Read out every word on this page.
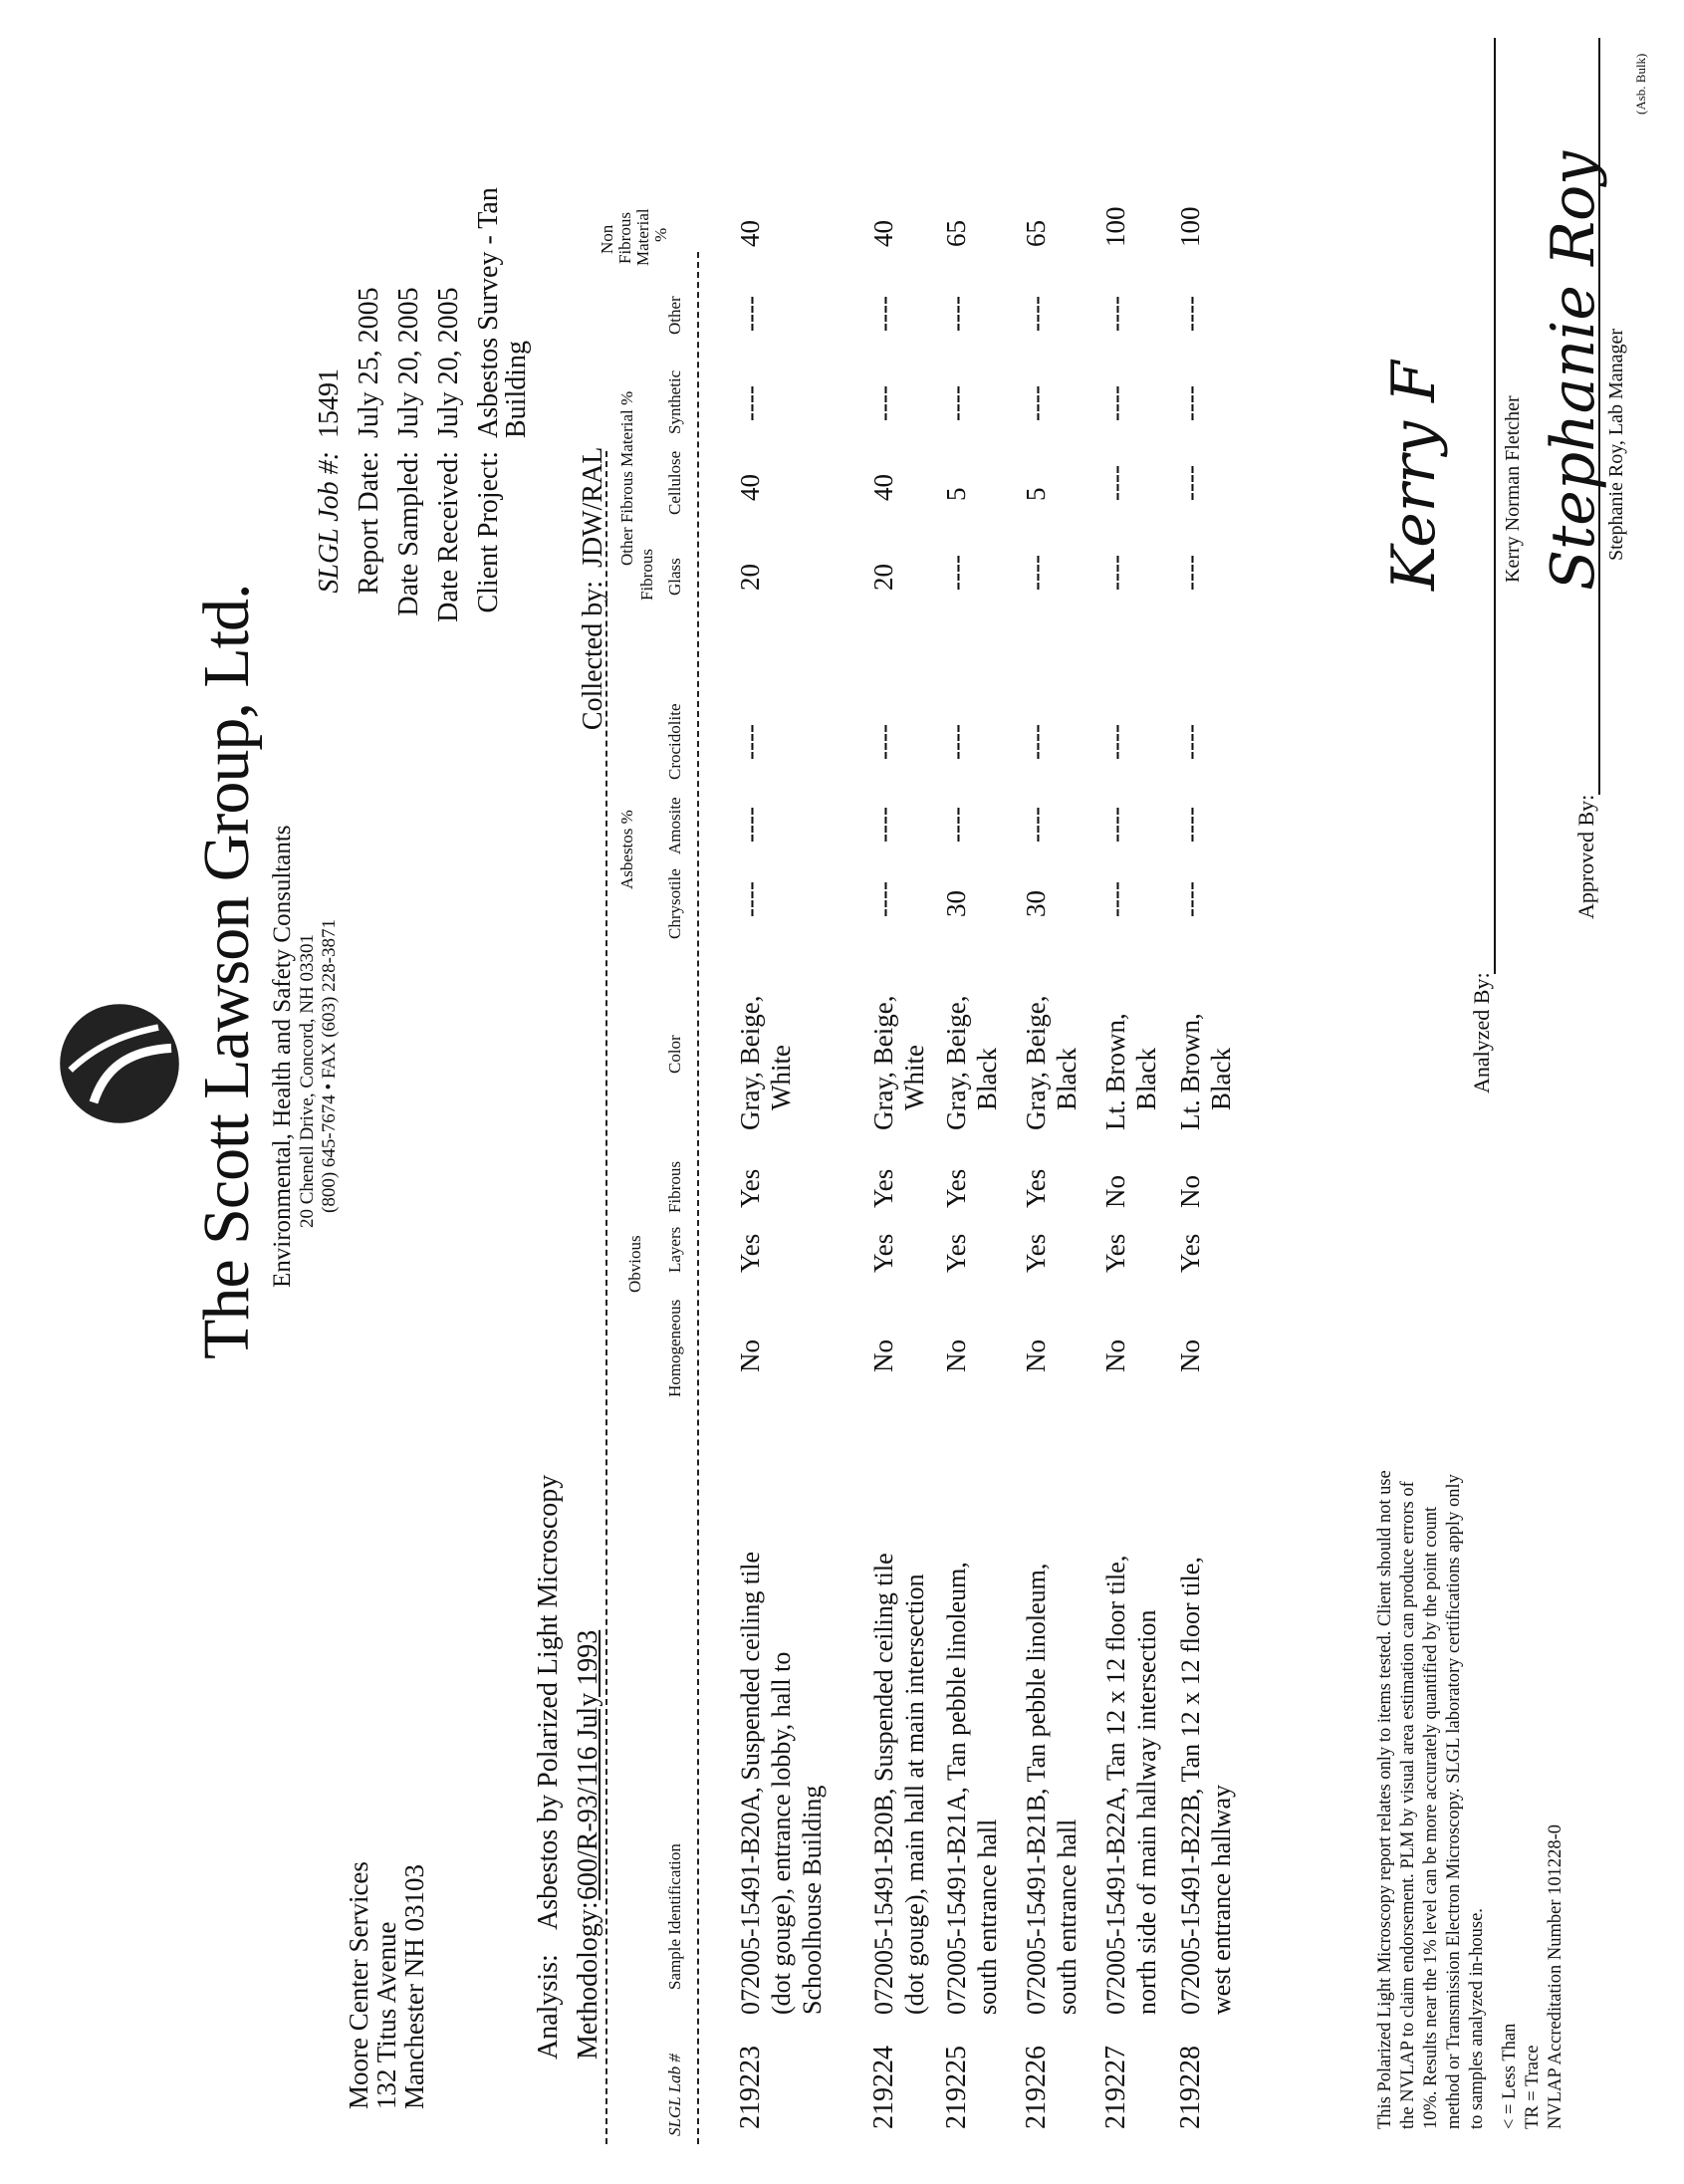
The Scott Lawson Group, Ltd. Environmental, Health and Safety Consultants 20 Chenell Drive, Concord, NH 03301 (800) 645-7674 • FAX (603) 228-3871
Moore Center Services
132 Titus Avenue
Manchester NH 03103
SLGL Job #:
15491
Report Date:
July 25, 2005
Date Sampled:
July 20, 2005
Date Received:
July 20, 2005
Client Project:
Asbestos Survey - Tan
Building
Collected by:
JDW/RAL
Analysis:
Asbestos by Polarized Light Microscopy
Methodology:
600/R-93/116 July 1993
Obvious
Asbestos %
Other Fibrous Material %
Fibrous
Non Fibrous Material %
SLGL Lab #
Sample Identification
Homogeneous
Layers
Fibrous
Color
Chrysotile
Amosite
Crocidolite
Glass
Cellulose
Synthetic
Other
219223
072005-15491-B20A, Suspended ceiling tile (dot gouge), entrance lobby, hall to Schoolhouse Building
No
Yes
Yes
----
----
----
20
40
----
----
40
Gray, Beige, White
219224
072005-15491-B20B, Suspended ceiling tile (dot gouge), main hall at main intersection
No
Yes
Yes
----
----
----
20
40
----
----
40
Gray, Beige, White
219225
072005-15491-B21A, Tan pebble linoleum, south entrance hall
No
Yes
Yes
30
----
----
----
5
----
----
65
Gray, Beige, Black
219226
072005-15491-B21B, Tan pebble linoleum, south entrance hall
No
Yes
Yes
30
----
----
----
5
----
----
65
Gray, Beige, Black
219227
072005-15491-B22A, Tan 12 x 12 floor tile, north side of main hallway intersection
No
Yes
No
----
----
----
----
----
----
----
100
Lt. Brown, Black
219228
072005-15491-B22B, Tan 12 x 12 floor tile, west entrance hallway
No
Yes
No
----
----
----
----
----
----
----
100
Lt. Brown, Black
This Polarized Light Microscopy report relates only to items tested. Client should not use the NVLAP to claim endorsement. PLM by visual area estimation can produce errors of 10%. Results near the 1% level can be more accurately quantified by the point count method or Transmission Electron Microscopy. SLGL laboratory certifications apply only to samples analyzed in-house. < = Less Than TR = Trace NVLAP Accreditation Number 101228-0
Analyzed By:
Kerry F	Kerry Norman Fletcher
Approved By:
Stephanie Roy
Stephanie Roy, Lab Manager
(Asb. Bulk)
